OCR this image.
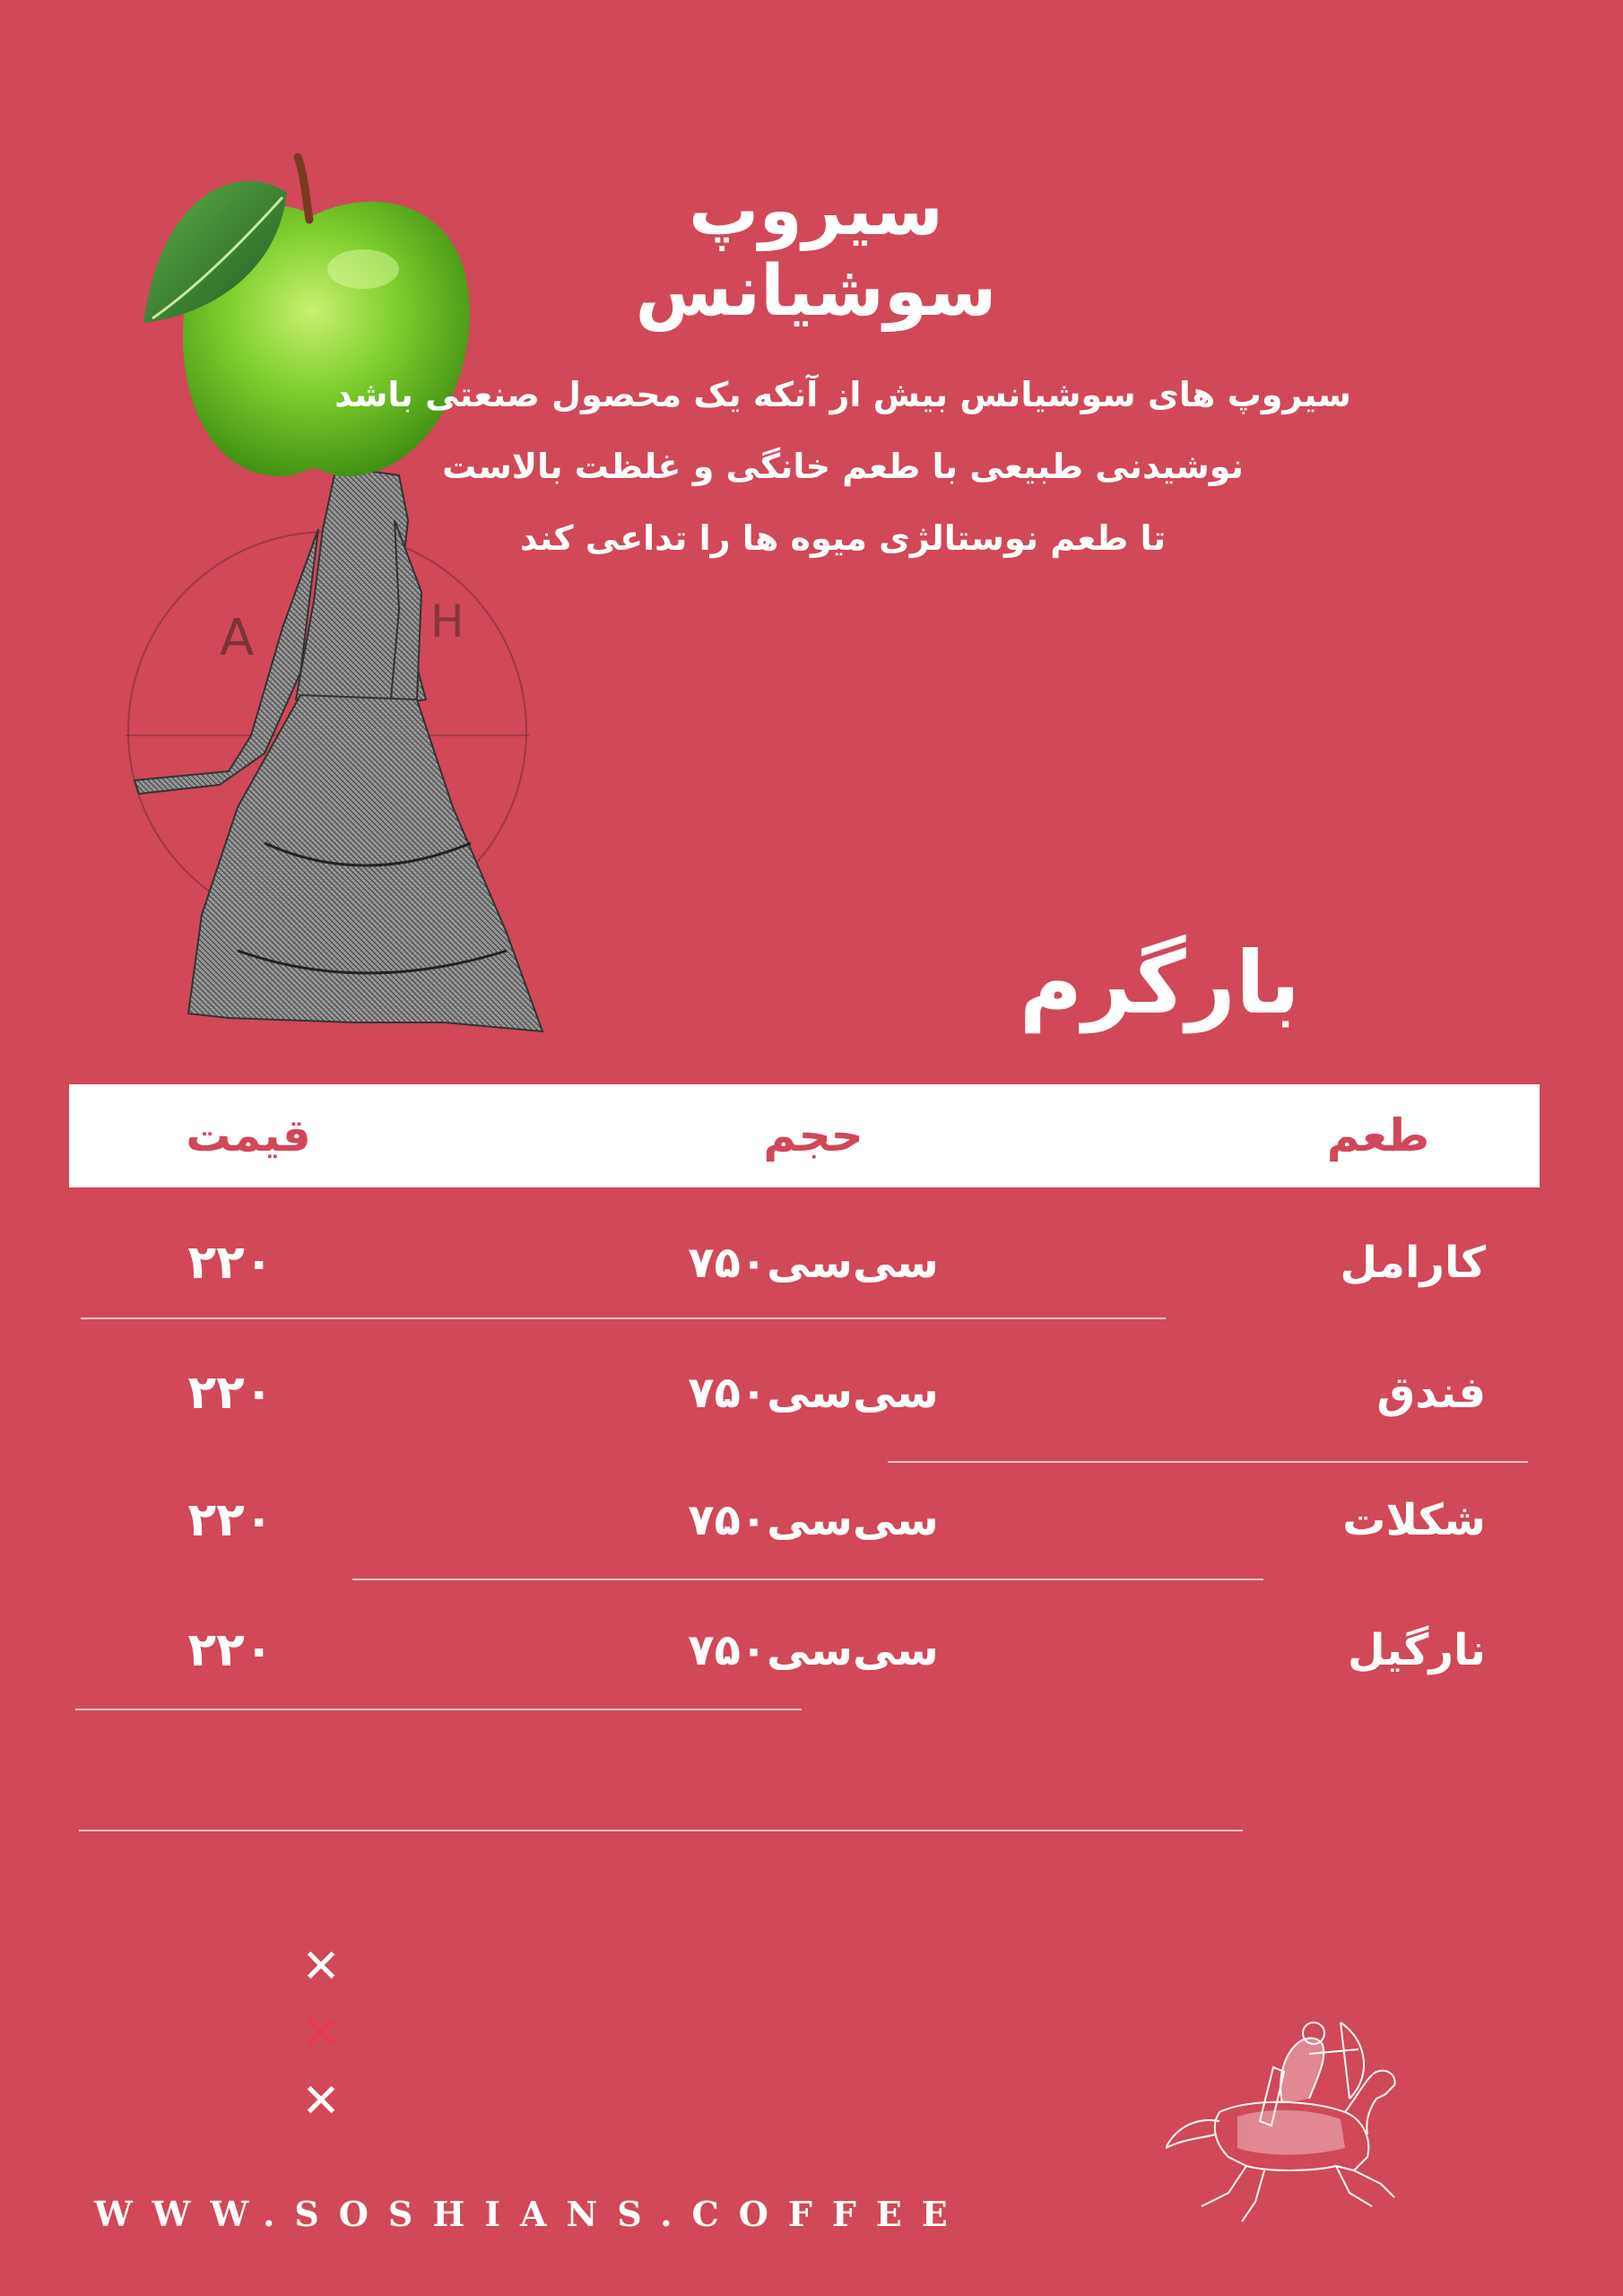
A	H
سیروپ سوشیانس

سیروپ های سوشیانس بیش از آنکه یک محصول صنعتی باشد

نوشیدنی طبیعی با طعم خانگی و غلظت بالاست

تا طعم نوستالژی میوه ها را تداعی کند

بارگرم
طعم
حجم
قیمت
کارامل
۷۵۰سی‌سی
۲۲۰
فندق
۷۵۰سی‌سی
۲۲۰
شکلات
۷۵۰سی‌سی
۲۲۰
نارگیل
۷۵۰سی‌سی
۲۲۰
✕
✕
✕
WWW.SOSHIANS.COFFEE
